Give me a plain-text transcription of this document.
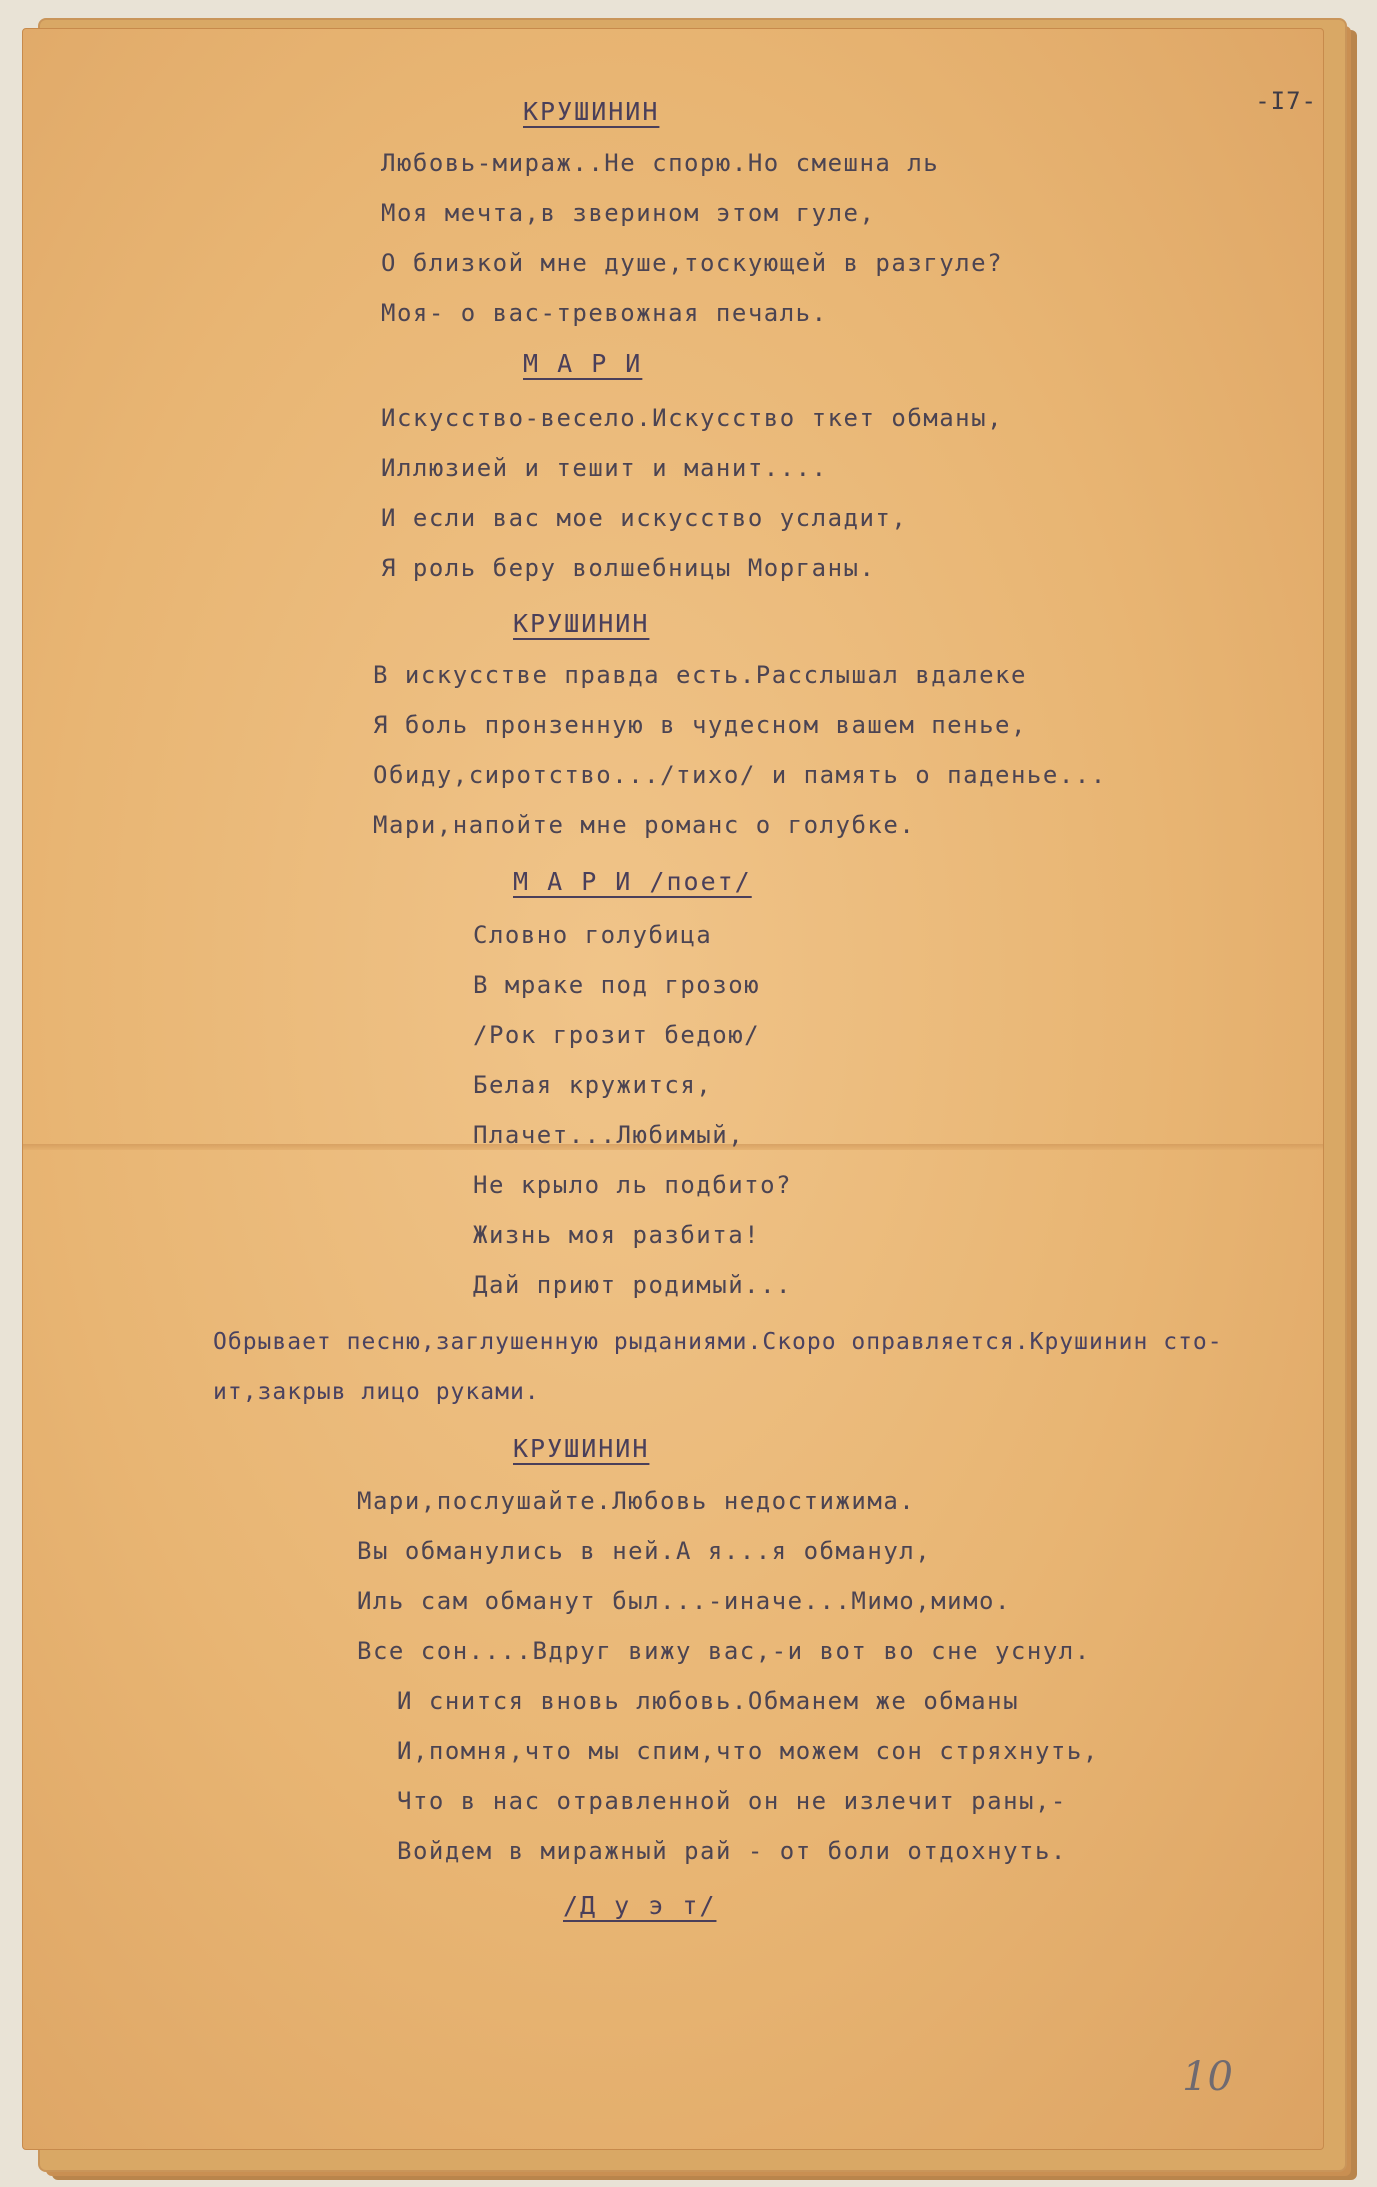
-I7-
КРУШИНИН
Любовь-мираж..Не спорю.Но смешна ль
Моя мечта,в зверином этом гуле,
О близкой мне душе,тоскующей в разгуле?
Моя- о вас-тревожная печаль.
М А Р И
Искусство-весело.Искусство ткет обманы,
Иллюзией и тешит и манит....
И если вас мое искусство усладит,
Я роль беру волшебницы Морганы.
КРУШИНИН
В искусстве правда есть.Расслышал вдалеке
Я боль пронзенную в чудесном вашем пенье,
Обиду,сиротство.../тихо/ и память о паденье...
Мари,напойте мне романс о голубке.
М А Р И /поет/
Словно голубица
В мраке под грозою
/Рок грозит бедою/
Белая кружится,
Плачет...Любимый,
Не крыло ль подбито?
Жизнь моя разбита!
Дай приют родимый...
Обрывает песню,заглушенную рыданиями.Скоро оправляется.Крушинин сто-
ит,закрыв лицо руками.
КРУШИНИН
Мари,послушайте.Любовь недостижима.
Вы обманулись в ней.А я...я обманул,
Иль сам обманут был...-иначе...Мимо,мимо.
Все сон....Вдруг вижу вас,-и вот во сне уснул.
И снится вновь любовь.Обманем же обманы
И,помня,что мы спим,что можем сон стряхнуть,
Что в нас отравленной он не излечит раны,-
Войдем в миражный рай - от боли отдохнуть.
/Д у э т/
10
